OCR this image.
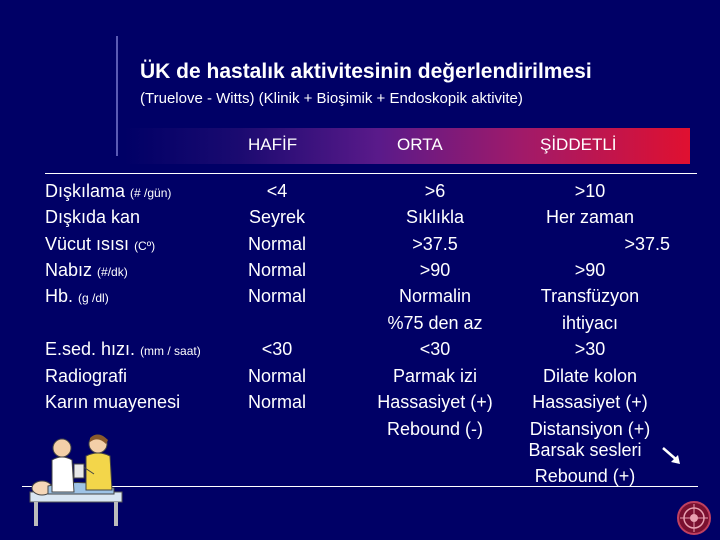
ÜK de hastalık aktivitesinin değerlendirilmesi
(Truelove - Witts) (Klinik + Bioşimik + Endoskopik aktivite)
HAFİF	ORTA	ŞİDDETLİ
Dışkılama (# /gün)
Dışkıda kan
Vücut ısısı (Cº)
Nabız (#/dk)
Hb. (g /dl)
E.sed. hızı. (mm / saat)
Radiografi
Karın muayenesi
<4
Seyrek
Normal
Normal
Normal
<30
Normal
Normal
>6
Sıklıkla
>37.5
>90
Normalin
%75 den az
<30
Parmak izi
Hassasiyet (+)
Rebound (-)
>10
Her zaman
>37.5
>90
Transfüzyon
ihtiyacı
>30
Dilate kolon
Hassasiyet (+)
Distansiyon (+)
Barsak sesleri
Rebound (+)
